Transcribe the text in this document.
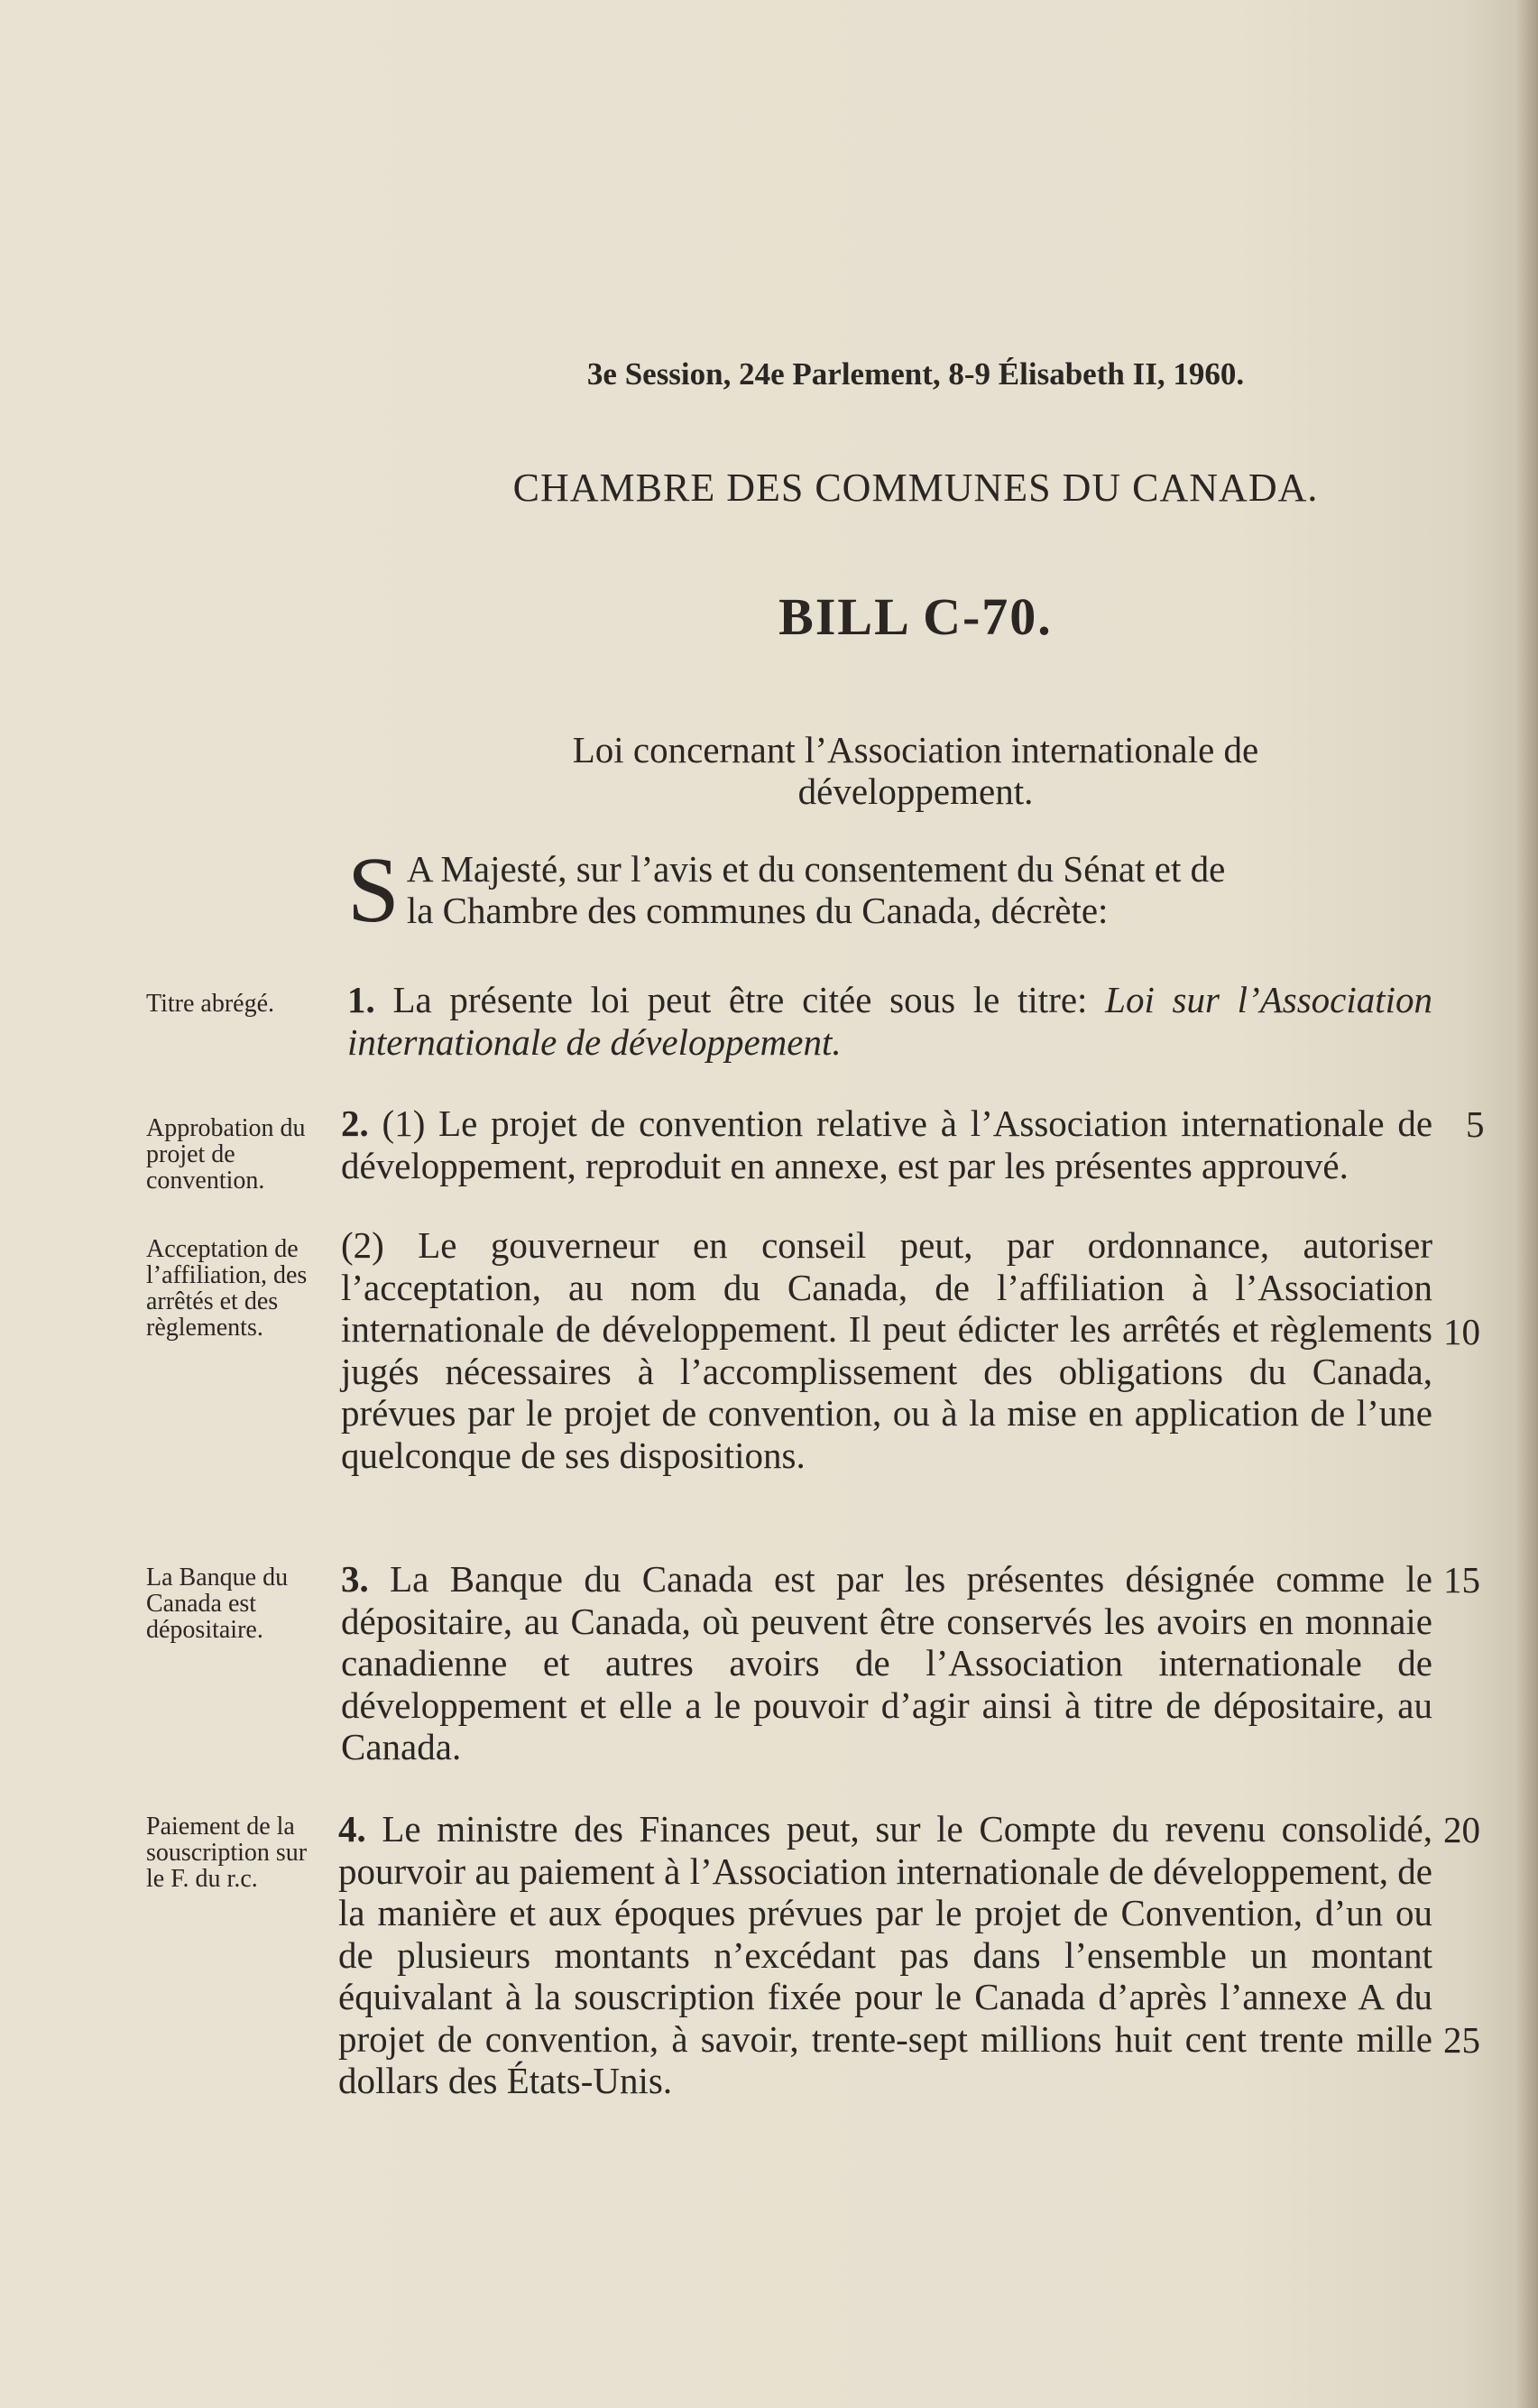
3e Session, 24e Parlement, 8-9 Élisabeth II, 1960.
CHAMBRE DES COMMUNES DU CANADA.
BILL C-70.
Loi concernant l’Association internationale de
développement.
S A Majesté, sur l’avis et du consentement du Sénat et de
la Chambre des communes du Canada, décrète:
Titre abrégé.	1. La présente loi peut être citée sous le titre: Loi sur l’Association internationale de développement.
Approbation du projet de convention.
2. (1) Le projet de convention relative à l’Association internationale de développement, reproduit en annexe, est par les présentes approuvé.
Acceptation de l’affiliation, des arrêtés et des règlements.
(2) Le gouverneur en conseil peut, par ordonnance, autoriser l’acceptation, au nom du Canada, de l’affiliation à l’Association internationale de développement. Il peut édicter les arrêtés et règlements jugés nécessaires à l’accomplissement des obligations du Canada, prévues par le projet de convention, ou à la mise en application de l’une quelconque de ses dispositions.
La Banque du Canada est dépositaire.
3. La Banque du Canada est par les présentes désignée comme le dépositaire, au Canada, où peuvent être conservés les avoirs en monnaie canadienne et autres avoirs de l’Association internationale de développement et elle a le pouvoir d’agir ainsi à titre de dépositaire, au Canada.
Paiement de la souscription sur le F. du r.c.
4. Le ministre des Finances peut, sur le Compte du revenu consolidé, pourvoir au paiement à l’Association internationale de développement, de la manière et aux époques prévues par le projet de Convention, d’un ou de plusieurs montants n’excédant pas dans l’ensemble un montant équivalant à la souscription fixée pour le Canada d’après l’annexe A du projet de convention, à savoir, trente-sept millions huit cent trente mille dollars des États-Unis.
5
10
15
20
25
